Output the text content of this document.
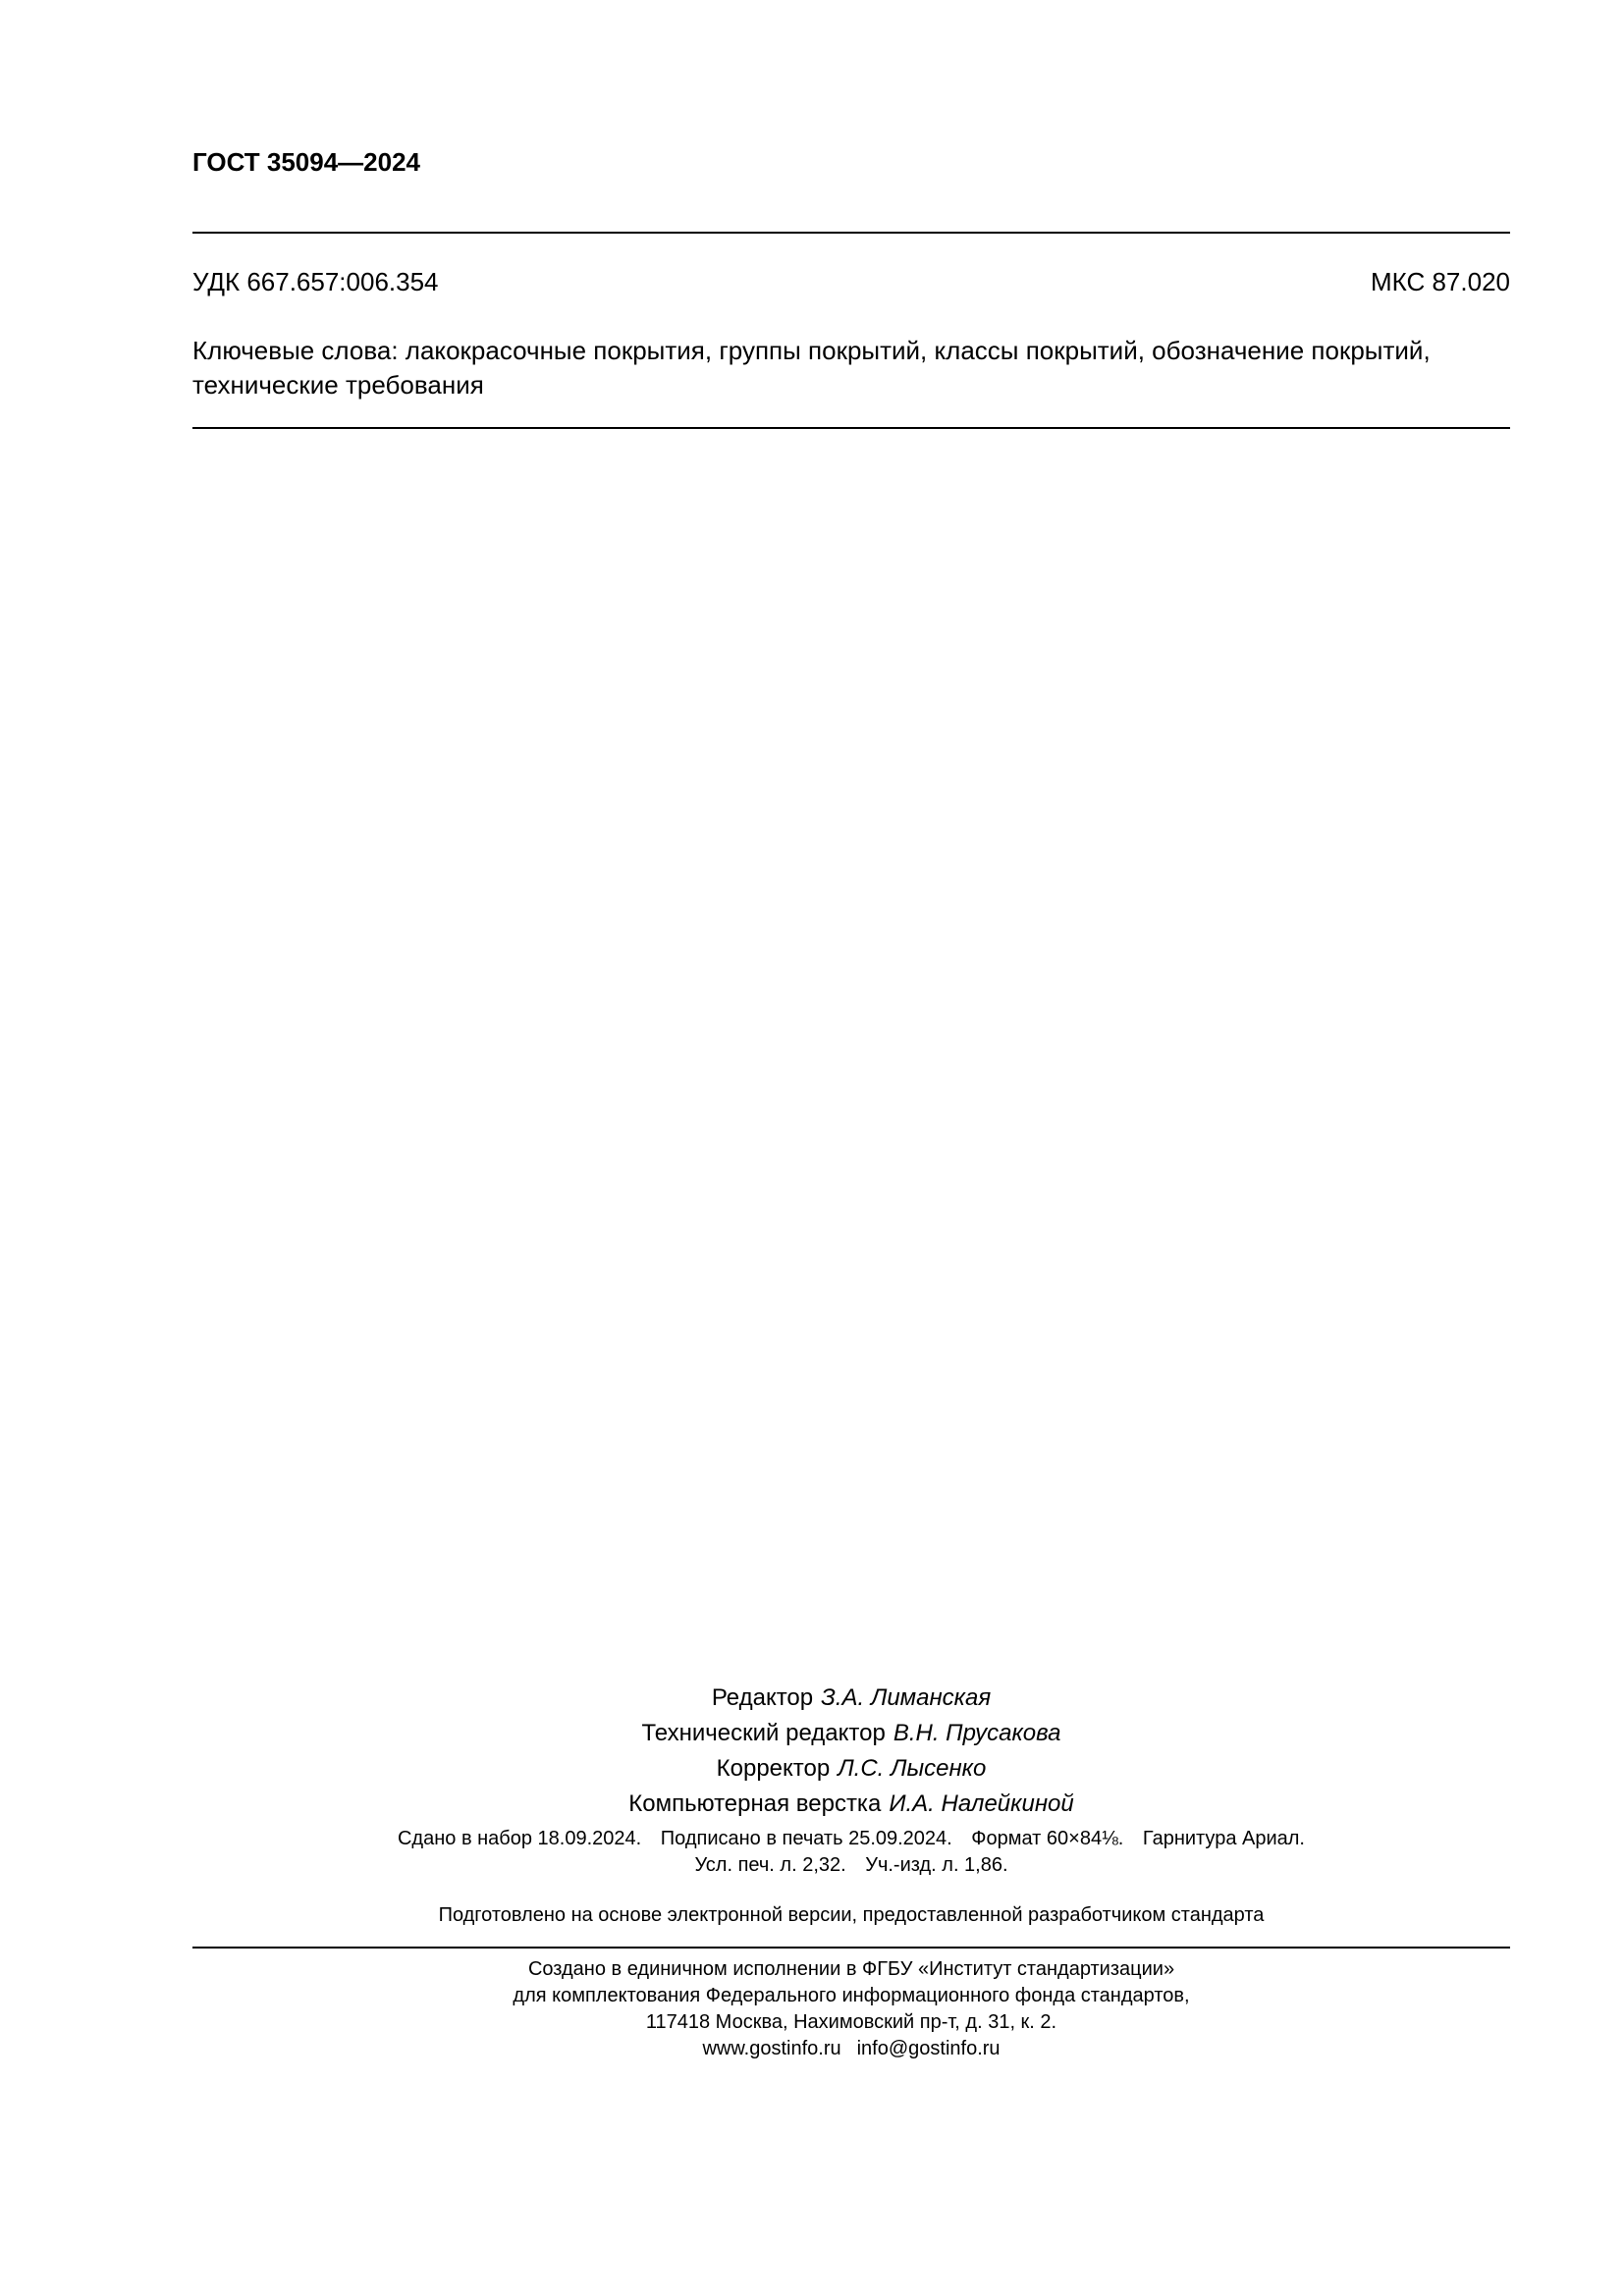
ГОСТ 35094—2024
УДК 667.657:006.354	МКС 87.020
Ключевые слова: лакокрасочные покрытия, группы покрытий, классы покрытий, обозначение покрытий,
технические требования
Редактор З.А. Лиманская
Технический редактор В.Н. Прусакова
Корректор Л.С. Лысенко
Компьютерная верстка И.А. Налейкиной
Сдано в набор 18.09.2024. Подписано в печать 25.09.2024. Формат 60×84⅛. Гарнитура Ариал.
Усл. печ. л. 2,32. Уч.-изд. л. 1,86.
Подготовлено на основе электронной версии, предоставленной разработчиком стандарта
Создано в единичном исполнении в ФГБУ «Институт стандартизации»
для комплектования Федерального информационного фонда стандартов,
117418 Москва, Нахимовский пр-т, д. 31, к. 2.
www.gostinfo.ru info@gostinfo.ru
